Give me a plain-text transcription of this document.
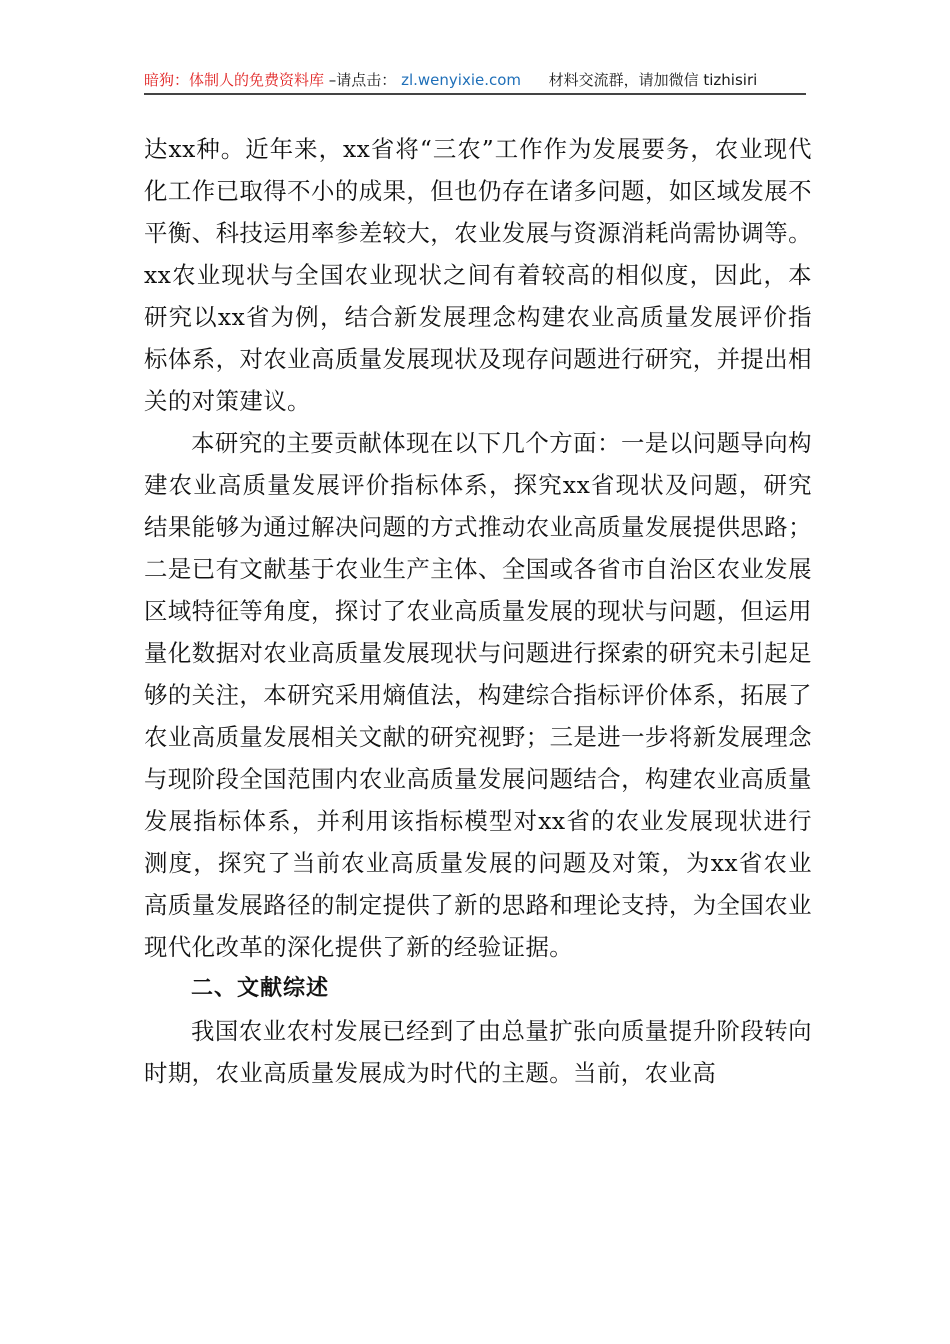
暗狗：体制人的免费资料库 –请点击： zl.wenyixie.com 材料交流群，请加微信 tizhisiri

达xx种。近年来，xx省将“三农”工作作为发展要务，农业现代化工作已取得不小的成果，但也仍存在诸多问题，如区域发展不平衡、科技运用率参差较大，农业发展与资源消耗尚需协调等。xx农业现状与全国农业现状之间有着较高的相似度，因此，本研究以xx省为例，结合新发展理念构建农业高质量发展评价指标体系，对农业高质量发展现状及现存问题进行研究，并提出相关的对策建议。

本研究的主要贡献体现在以下几个方面：一是以问题导向构建农业高质量发展评价指标体系，探究xx省现状及问题，研究结果能够为通过解决问题的方式推动农业高质量发展提供思路；二是已有文献基于农业生产主体、全国或各省市自治区农业发展区域特征等角度，探讨了农业高质量发展的现状与问题，但运用量化数据对农业高质量发展现状与问题进行探索的研究未引起足够的关注，本研究采用熵值法，构建综合指标评价体系，拓展了农业高质量发展相关文献的研究视野；三是进一步将新发展理念与现阶段全国范围内农业高质量发展问题结合，构建农业高质量发展指标体系，并利用该指标模型对xx省的农业发展现状进行测度，探究了当前农业高质量发展的问题及对策，为xx省农业高质量发展路径的制定提供了新的思路和理论支持，为全国农业现代化改革的深化提供了新的经验证据。

二、文献综述

我国农业农村发展已经到了由总量扩张向质量提升阶段转向时期，农业高质量发展成为时代的主题。当前，农业高
